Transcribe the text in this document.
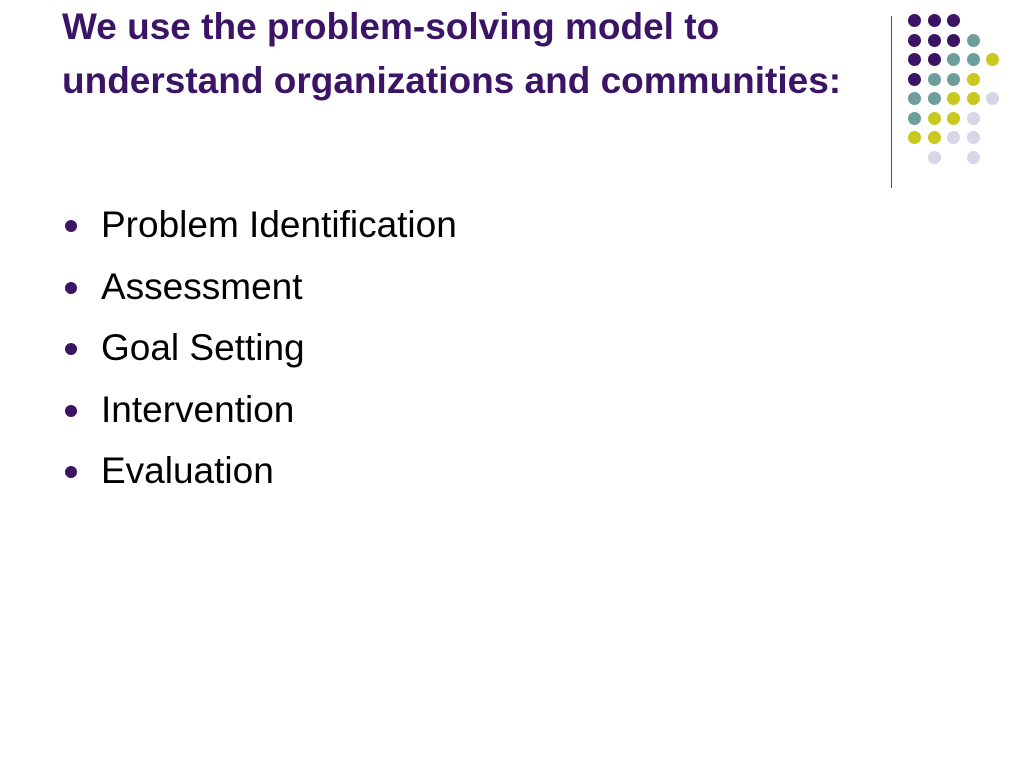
We use the problem-solving model to understand organizations and communities:
Problem Identification
Assessment
Goal Setting
Intervention
Evaluation
